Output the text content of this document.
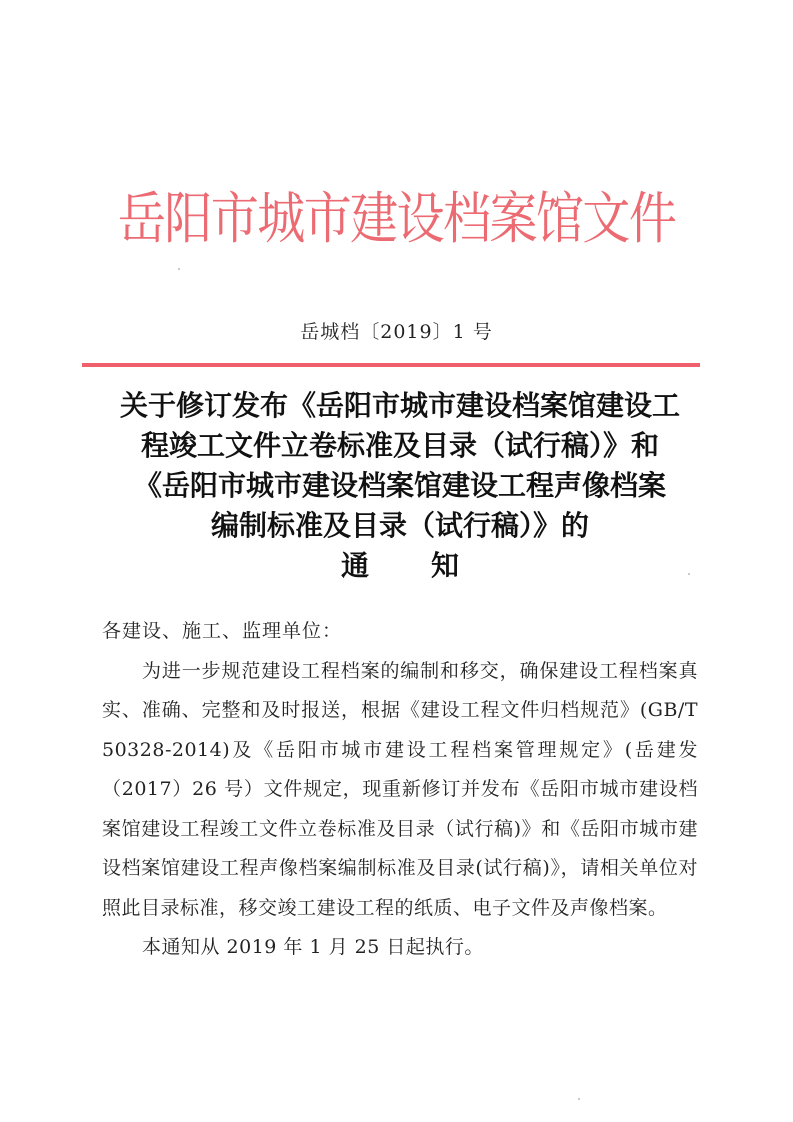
岳阳市城市建设档案馆文件
岳城档〔2019〕1 号
关于修订发布《岳阳市城市建设档案馆建设工
程竣工文件立卷标准及目录（试行稿）》和
《岳阳市城市建设档案馆建设工程声像档案
编制标准及目录（试行稿）》的
通知

各建设、施工、监理单位：

为进一步规范建设工程档案的编制和移交，确保建设工程档案真实、准确、完整和及时报送，根据《建设工程文件归档规范》(GB/T 50328-2014)及《岳阳市城市建设工程档案管理规定》(岳建发（2017）26 号）文件规定，现重新修订并发布《岳阳市城市建设档案馆建设工程竣工文件立卷标准及目录（试行稿)》和《岳阳市城市建设档案馆建设工程声像档案编制标准及目录(试行稿)》，请相关单位对照此目录标准，移交竣工建设工程的纸质、电子文件及声像档案。

本通知从 2019 年 1 月 25 日起执行。
